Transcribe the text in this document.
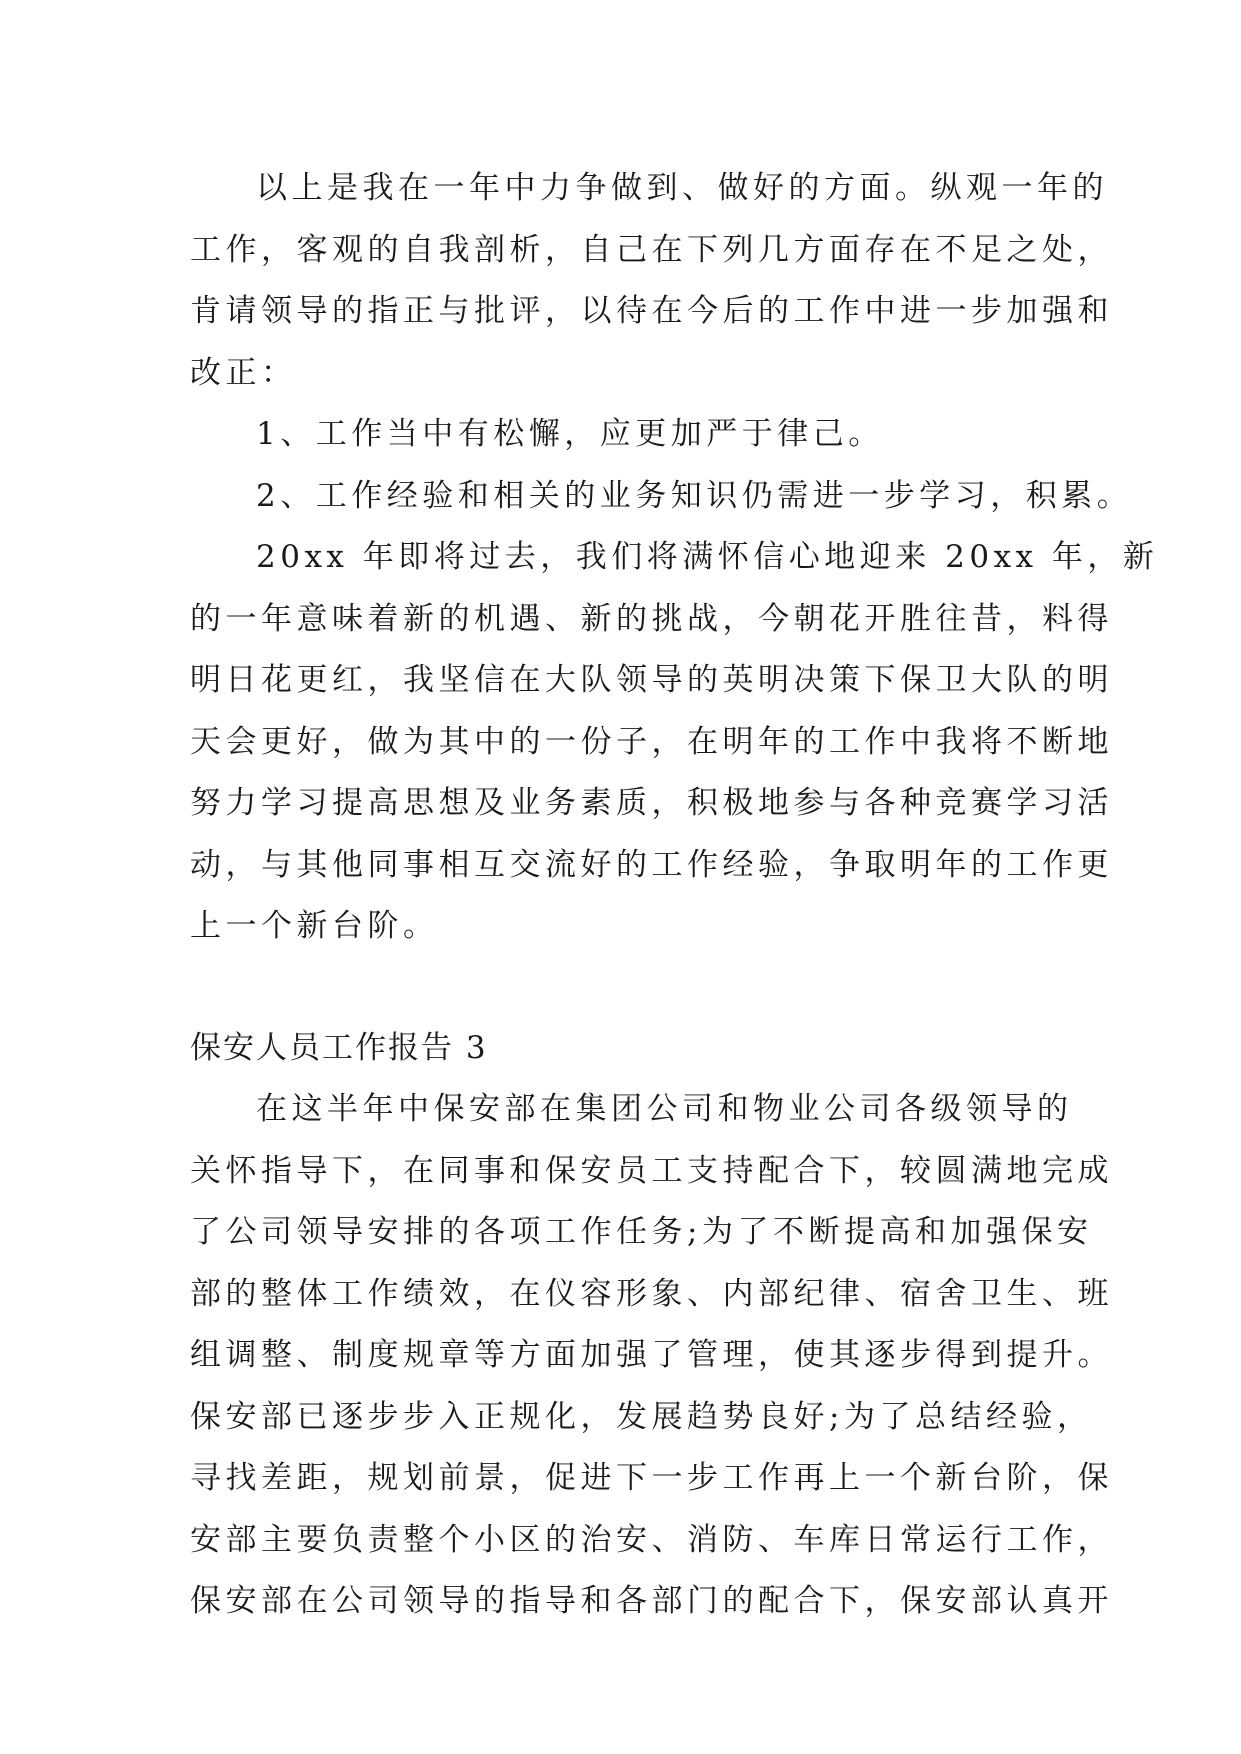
以上是我在一年中力争做到、做好的方面。纵观一年的
工作，客观的自我剖析，自己在下列几方面存在不足之处，
肯请领导的指正与批评，以待在今后的工作中进一步加强和
改正：
1、工作当中有松懈，应更加严于律己。
2、工作经验和相关的业务知识仍需进一步学习，积累。
20xx 年即将过去，我们将满怀信心地迎来 20xx 年，新
的一年意味着新的机遇、新的挑战，今朝花开胜往昔，料得
明日花更红，我坚信在大队领导的英明决策下保卫大队的明
天会更好，做为其中的一份子，在明年的工作中我将不断地
努力学习提高思想及业务素质，积极地参与各种竞赛学习活
动，与其他同事相互交流好的工作经验，争取明年的工作更
上一个新台阶。
保安人员工作报告 3
在这半年中保安部在集团公司和物业公司各级领导的
关怀指导下，在同事和保安员工支持配合下，较圆满地完成
了公司领导安排的各项工作任务;为了不断提高和加强保安
部的整体工作绩效，在仪容形象、内部纪律、宿舍卫生、班
组调整、制度规章等方面加强了管理，使其逐步得到提升。
保安部已逐步步入正规化，发展趋势良好;为了总结经验，
寻找差距，规划前景，促进下一步工作再上一个新台阶，保
安部主要负责整个小区的治安、消防、车库日常运行工作，
保安部在公司领导的指导和各部门的配合下，保安部认真开
